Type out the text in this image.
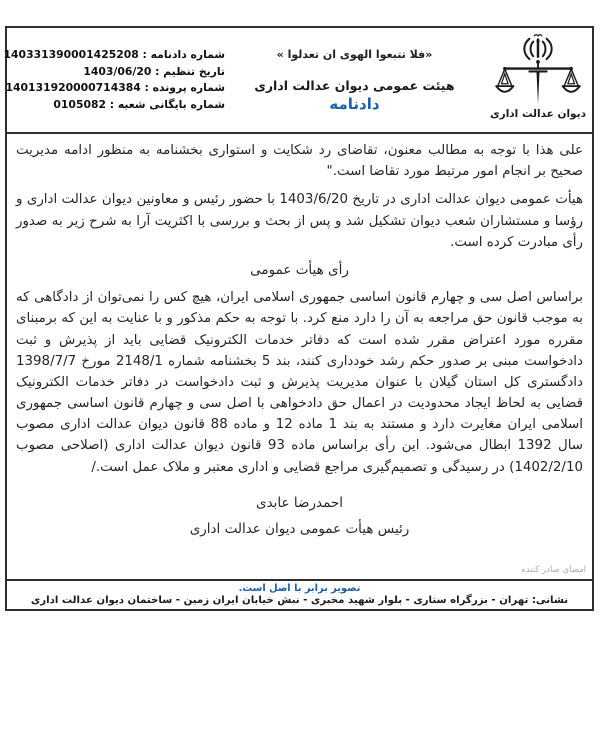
دیوان عدالت اداری
«فلا تتبعوا الهوی ان تعدلوا »
هیئت عمومی دیوان عدالت اداری
دادنامه
شماره دادنامه : 140331390001425208
تاریخ تنظیم : 1403/06/20
شماره پرونده : 140131920000714384
شماره بایگانی شعبه : 0105082

علی هذا با توجه به مطالب معنون، تقاضای رد شکایت و استواری بخشنامه به منظور ادامه مدیریت صحیح بر انجام امور مرتبط مورد تقاضا است."

هیأت عمومی دیوان عدالت اداری در تاریخ 1403/6/20 با حضور رئیس و معاونین دیوان عدالت اداری و رؤسا و مستشاران شعب دیوان تشکیل شد و پس از بحث و بررسی با اکثریت آرا به شرح زیر به صدور رأی مبادرت کرده است.

رأی هیأت عمومی

براساس اصل سی و چهارم قانون اساسی جمهوری اسلامی ایران، هیچ کس را نمی‌توان از دادگاهی که به موجب قانون حق مراجعه به آن را دارد منع کرد. با توجه به حکم مذکور و با عنایت به این که برمبنای مقرره مورد اعتراض مقرر شده است که دفاتر خدمات الکترونیک قضایی باید از پذیرش و ثبت دادخواست مبنی بر صدور حکم رشد خودداری کنند، بند 5 بخشنامه شماره 2148/1 مورخ 1398/7/7 دادگستری کل استان گیلان با عنوان مدیریت پذیرش و ثبت دادخواست در دفاتر خدمات الکترونیک قضایی به لحاظ ایجاد محدودیت در اعمال حق دادخواهی با اصل سی و چهارم قانون اساسی جمهوری اسلامی ایران مغایرت دارد و مستند به بند 1 ماده 12 و ماده 88 قانون دیوان عدالت اداری مصوب سال 1392 ابطال می‌شود. این رأی براساس ماده 93 قانون دیوان عدالت اداری (اصلاحی مصوب 1402/2/10) در رسیدگی و تصمیم‌گیری مراجع قضایی و اداری معتبر و ملاک عمل است./

احمدرضا عابدی
رئیس هیأت عمومی دیوان عدالت اداری
امضای صادر کننده
تصویر برابر با اصل است.
نشانی: تهران - بزرگراه ستاری - بلوار شهید مخبری - نبش خیابان ایران زمین - ساختمان دیوان عدالت اداری
